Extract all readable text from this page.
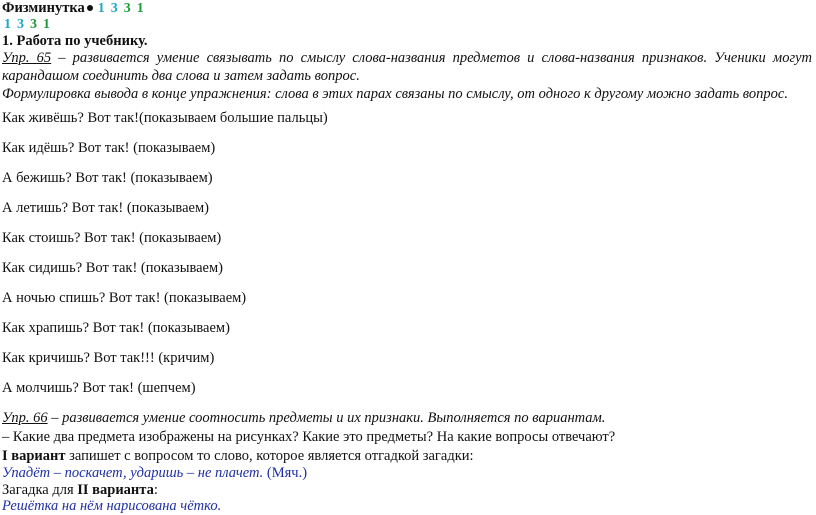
Физминутка 1 3 3 1
1 3 3 1
1. Работа по учебнику.
Упр. 65 – развивается умение связывать по смыслу слова-названия предметов и слова-названия признаков. Ученики могут
карандашом соединить два слова и затем задать вопрос.
Формулировка вывода в конце упражнения: слова в этих парах связаны по смыслу, от одного к другому можно задать вопрос.
Как живёшь? Вот так!(показываем большие пальцы)
Как идёшь? Вот так! (показываем)
А бежишь? Вот так! (показываем)
А летишь? Вот так! (показываем)
Как стоишь? Вот так! (показываем)
Как сидишь? Вот так! (показываем)
А ночью спишь? Вот так! (показываем)
Как храпишь? Вот так! (показываем)
Как кричишь? Вот так!!! (кричим)
А молчишь? Вот так! (шепчем)
Упр. 66 – развивается умение соотносить предметы и их признаки. Выполняется по вариантам.
– Какие два предмета изображены на рисунках? Какие это предметы? На какие вопросы отвечают?
I вариант запишет с вопросом то слово, которое является отгадкой загадки:
Упадёт – поскачет, ударишь – не плачет. (Мяч.)
Загадка для II варианта:
Решётка на нём нарисована чётко.
